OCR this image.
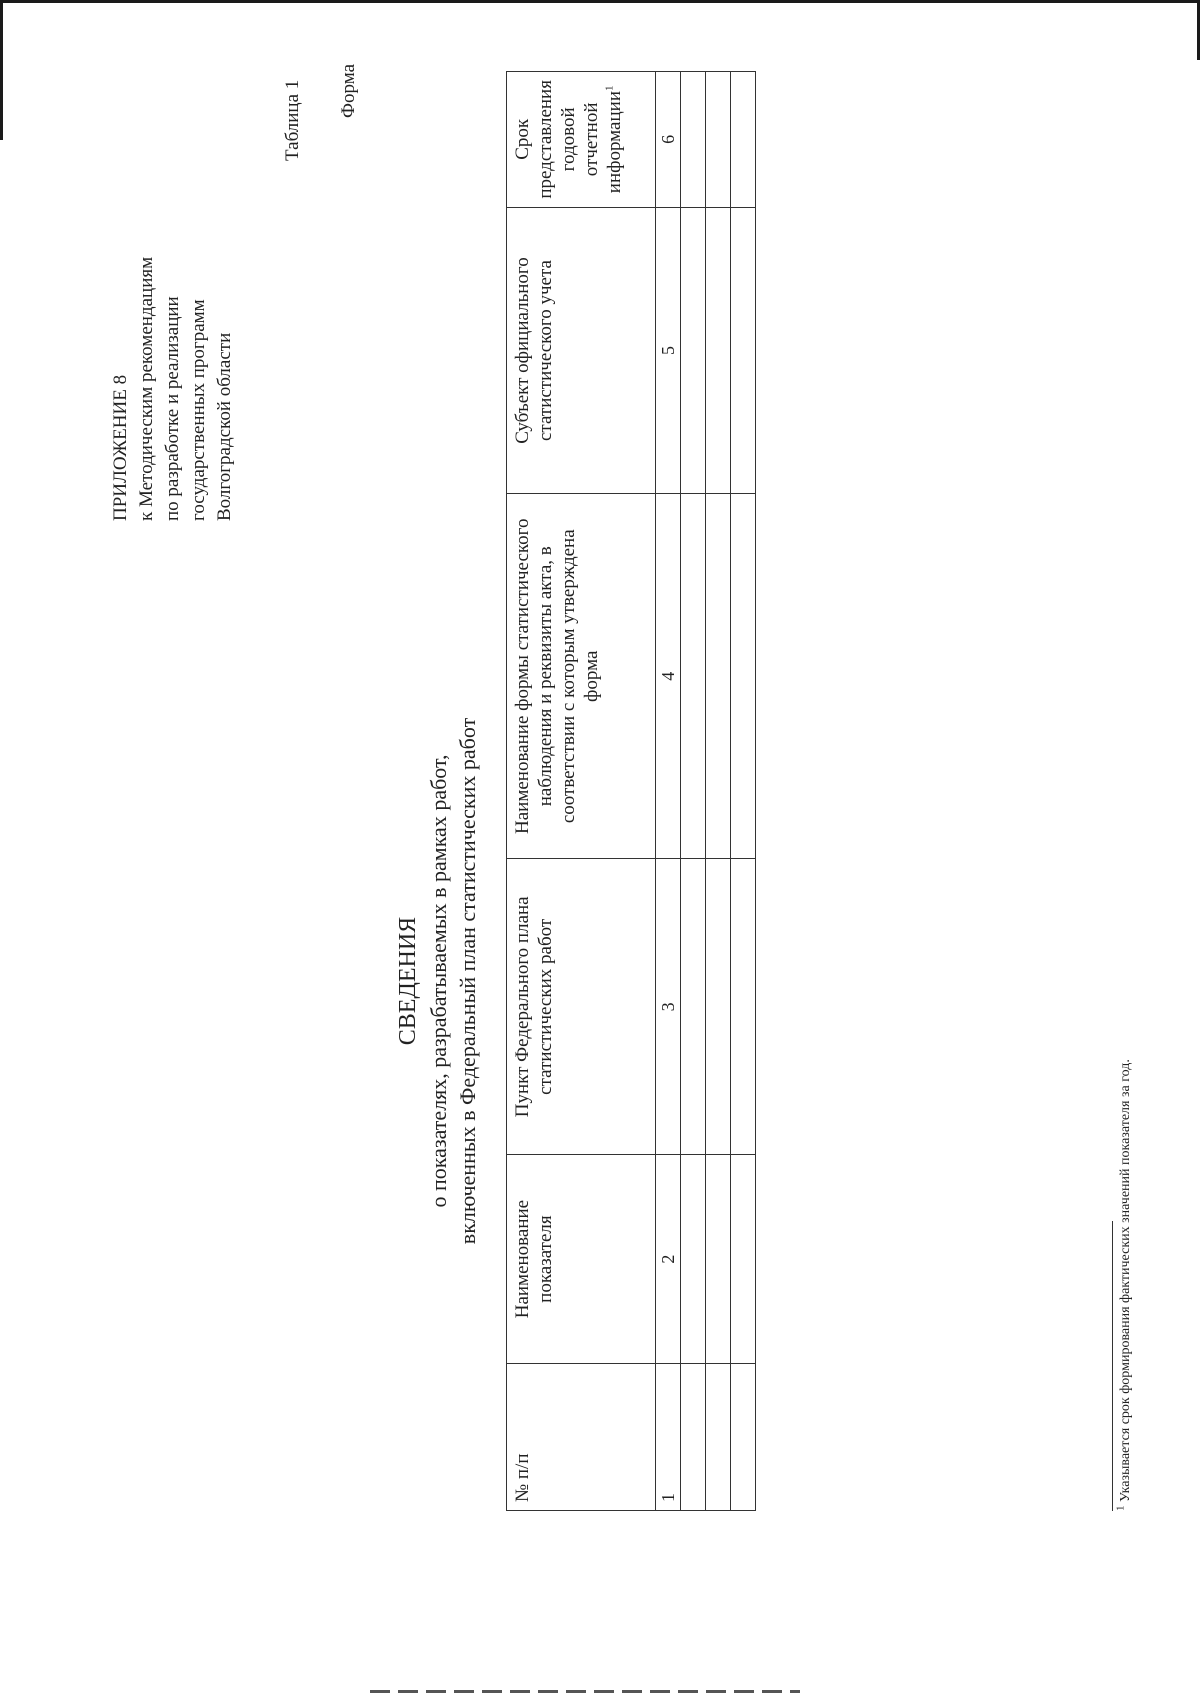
ПРИЛОЖЕНИЕ 8 к Методическим рекомендациям по разработке и реализации государственных программ Волгоградской области
Таблица 1 Форма
СВЕДЕНИЯ о показателях, разрабатываемых в рамках работ, включенных в Федеральный план статистических работ
№ п/п	Наименование показателя	Пункт Федерального плана статистических работ	Наименование формы статистического наблюдения и реквизиты акта, в соответствии с которым утверждена форма	Субъект официального статистического учета	Срок представления годовой отчетной информации$^1$
1	2	3	4	5	6

$^1$ Указывается срок формирования фактических значений показателя за год.
